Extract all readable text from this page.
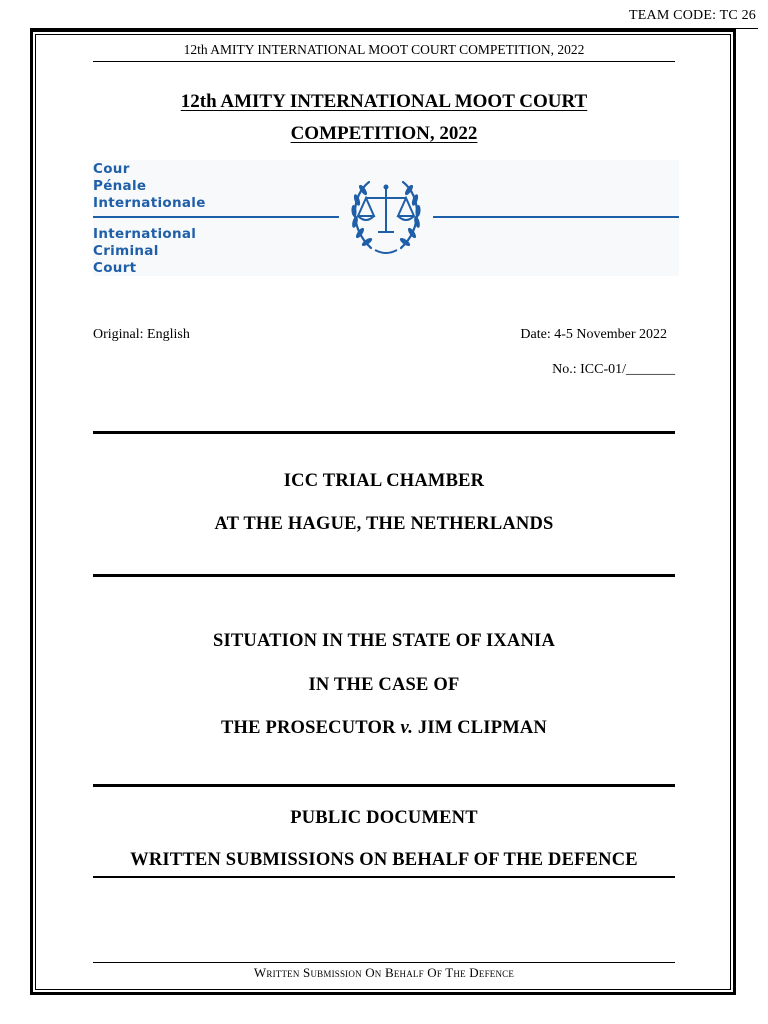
TEAM CODE: TC 26
12th AMITY INTERNATIONAL MOOT COURT COMPETITION, 2022
12th AMITY INTERNATIONAL MOOT COURT
COMPETITION, 2022
Cour
Pénale
Internationale
International
Criminal
Court
Original: English	Date: 4-5 November 2022
No.: ICC-01/_______
ICC TRIAL CHAMBER
AT THE HAGUE, THE NETHERLANDS
SITUATION IN THE STATE OF IXANIA
IN THE CASE OF
THE PROSECUTOR v. JIM CLIPMAN
PUBLIC DOCUMENT
WRITTEN SUBMISSIONS ON BEHALF OF THE DEFENCE
Written Submission On Behalf Of The Defence
